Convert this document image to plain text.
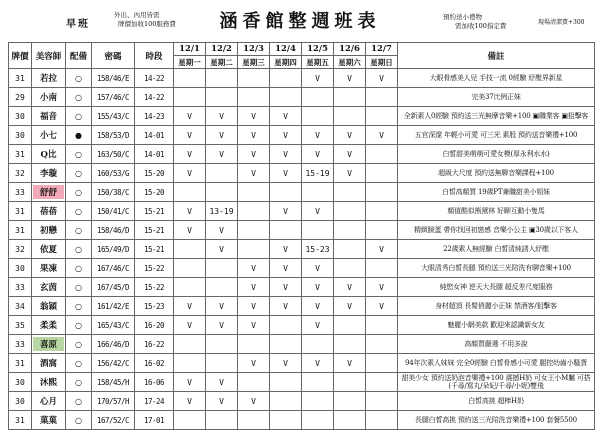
早班
外出、內用皆需
牌價加收100服務費 涵香館整週班表	預約送小禮物
需加收100指定費	現場清潔費+300
牌價	美容師	配備	密碼	時段	12/1	12/2	12/3	12/4	12/5	12/6	12/7	備註
					星期一	星期二	星期三	星期四	星期五	星期六	星期日	
31	若拉	○	158/46/E	14-22					V	V	V	大眼骨感美人兒 手技一流 0經驗 紓壓界新星
29	小南	○	157/46/C	14-22								完美37比例正妹
30	福音	○	155/43/C	14-23	V	V	V	V				全新素人0經驗 預約送三光無摩音樂+100 ▣職業客 ▣狙擊客
30	小七	●	158/53/D	14-01	V	V	V	V	V	V	V	五官深邃 年輕小可愛 可三光 素股 預約送音樂禮+100
31	Q比	○	163/50/C	14-01	V	V	V	V	V	V		白皙甜美萌萌可愛女模(厚永利水水)
32	李璇	○	160/53/G	15-20	V		V	V	15-19	V		超級大尺度 預約送無聊音樂課程+100
33	舒舒	○	150/38/C	15-20								白皙高顏質 19歲PT兼職甜美小姐妹
31	蓓蓓	○	150/41/C	15-21	V	13-19		V	V			顏值酷似熊黛林 好聊互動小隻馬
31	初戀	○	158/46/D	15-21	V	V						精緻臉蛋 帶你找回初戀感 音樂小公主 ▣30歲以下客人
32	依夏	○	165/49/D	15-21		V		V	15-23		V	22歲素人無經驗 白皙清純誘人紓壓
30	果凍	○	167/46/C	15-22			V	V	V			大眼清秀白皙長腿 預約送三光陪洗有聊音樂+100
33	玄茵	○	167/45/D	15-22			V	V	V	V	V	純慾女神 逆天大長腿 超反差尺度服務
34	翁穎	○	161/42/E	15-23	V	V	V	V	V	V	V	身材超頂 長髮俏麗小正妹 禁酒客/狙擊客
35	柔柔	○	165/43/C	16-20	V	V	V		V			魅麗小網美款 歡迎來認識新女友
33	喜原	○	166/46/D	16-22								高顏質嚴選 不用多說
31	酒窩	○	156/42/C	16-02			V	V	V	V		94年次素人妹妹 完全0經驗 白皙骨感小可愛 腿控幼齒小騷貨
30	沐熙	○	158/45/H	16-06	V	V						甜美少女 預約送奶泡音樂禮+100 震撼H奶 可女王小M屬 可搭(千尋/寫丸/朵妃/千尋/小妮)雙飛
30	心月	○	170/57/H	17-24	V	V	V					白皙高挑 超棒H奶
31	菓菓	○	167/52/C	17-01								長腿白皙高挑 預約送三光陪洗音樂禮+100 套餐5500
